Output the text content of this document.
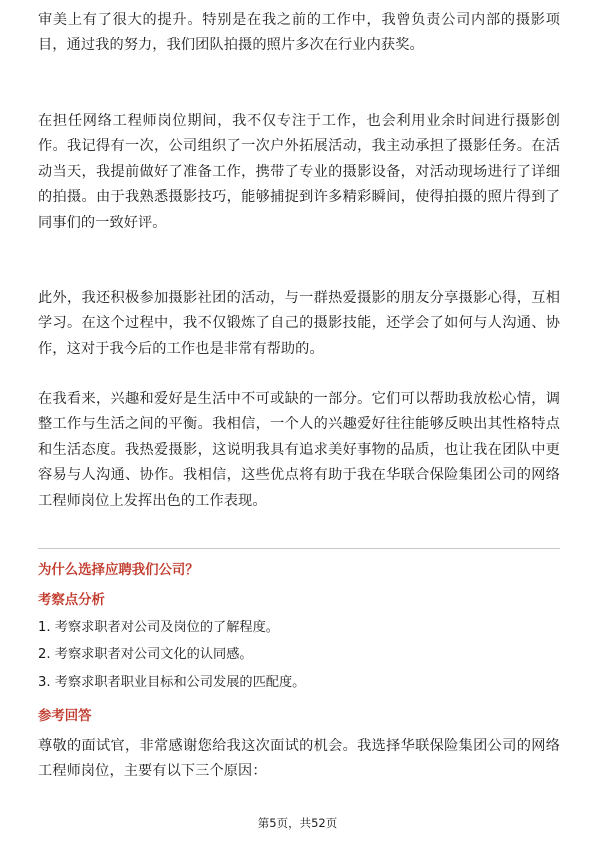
审美上有了很大的提升。特别是在我之前的工作中，我曾负责公司内部的摄影项目，通过我的努力，我们团队拍摄的照片多次在行业内获奖。

在担任网络工程师岗位期间，我不仅专注于工作，也会利用业余时间进行摄影创作。我记得有一次，公司组织了一次户外拓展活动，我主动承担了摄影任务。在活动当天，我提前做好了准备工作，携带了专业的摄影设备，对活动现场进行了详细的拍摄。由于我熟悉摄影技巧，能够捕捉到许多精彩瞬间，使得拍摄的照片得到了同事们的一致好评。

此外，我还积极参加摄影社团的活动，与一群热爱摄影的朋友分享摄影心得，互相学习。在这个过程中，我不仅锻炼了自己的摄影技能，还学会了如何与人沟通、协作，这对于我今后的工作也是非常有帮助的。

在我看来，兴趣和爱好是生活中不可或缺的一部分。它们可以帮助我放松心情，调整工作与生活之间的平衡。我相信，一个人的兴趣爱好往往能够反映出其性格特点和生活态度。我热爱摄影，这说明我具有追求美好事物的品质，也让我在团队中更容易与人沟通、协作。我相信，这些优点将有助于我在华联合保险集团公司的网络工程师岗位上发挥出色的工作表现。

为什么选择应聘我们公司？
考察点分析

1. 考察求职者对公司及岗位的了解程度。

2. 考察求职者对公司文化的认同感。

3. 考察求职者职业目标和公司发展的匹配度。

参考回答

尊敬的面试官，非常感谢您给我这次面试的机会。我选择华联保险集团公司的网络工程师岗位，主要有以下三个原因：

第5页，共52页
